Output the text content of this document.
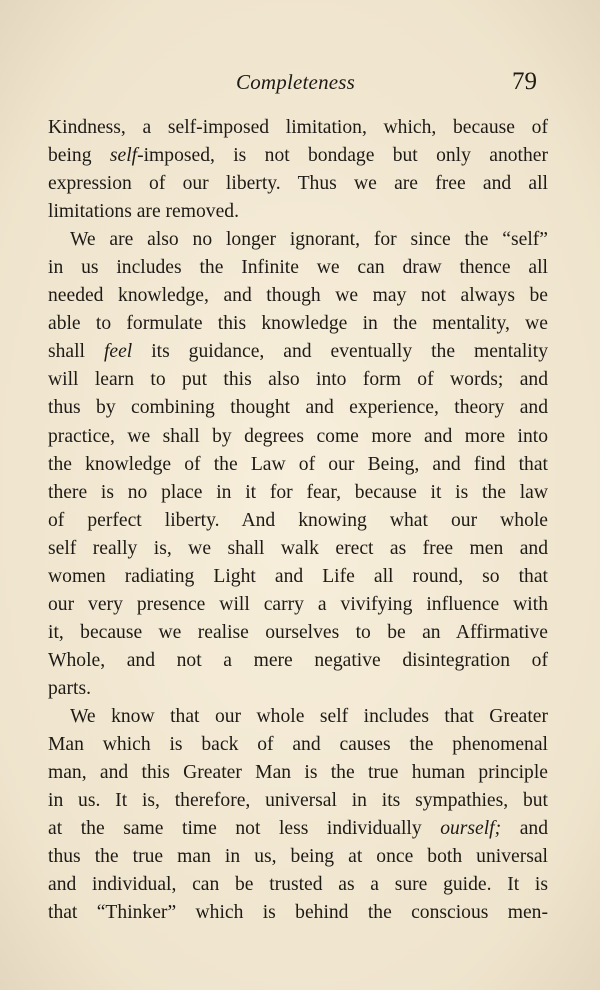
Completeness	79
Kindness, a self-imposed limitation, which, because of
being self-imposed, is not bondage but only another
expression of our liberty. Thus we are free and all
limitations are removed.
We are also no longer ignorant, for since the “self”
in us includes the Infinite we can draw thence all
needed knowledge, and though we may not always be
able to formulate this knowledge in the mentality, we
shall feel its guidance, and eventually the mentality
will learn to put this also into form of words; and
thus by combining thought and experience, theory and
practice, we shall by degrees come more and more into
the knowledge of the Law of our Being, and find that
there is no place in it for fear, because it is the law
of perfect liberty. And knowing what our whole
self really is, we shall walk erect as free men and
women radiating Light and Life all round, so that
our very presence will carry a vivifying influence with
it, because we realise ourselves to be an Affirmative
Whole, and not a mere negative disintegration of
parts.
We know that our whole self includes that Greater
Man which is back of and causes the phenomenal
man, and this Greater Man is the true human principle
in us. It is, therefore, universal in its sympathies, but
at the same time not less individually ourself; and
thus the true man in us, being at once both universal
and individual, can be trusted as a sure guide. It is
that “Thinker” which is behind the conscious men-
